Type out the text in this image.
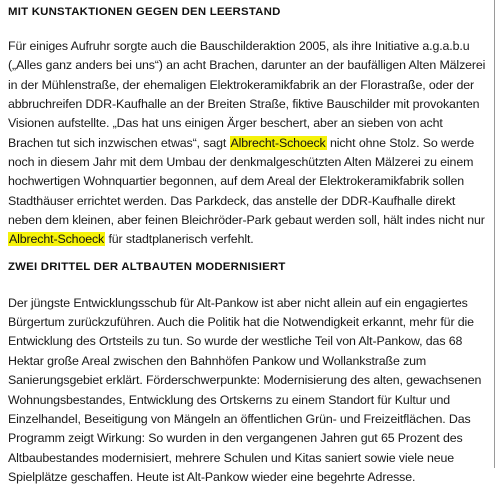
MIT KUNSTAKTIONEN GEGEN DEN LEERSTAND

Für einiges Aufruhr sorgte auch die Bauschilderaktion 2005, als ihre Initiative a.g.a.b.u („Alles ganz anders bei uns“) an acht Brachen, darunter an der baufälligen Alten Mälzerei in der Mühlenstraße, der ehemaligen Elektrokeramikfabrik an der Florastraße, oder der abbruchreifen DDR-Kaufhalle an der Breiten Straße, fiktive Bauschilder mit provokanten Visionen aufstellte. „Das hat uns einigen Ärger beschert, aber an sieben von acht Brachen tut sich inzwischen etwas“, sagt Albrecht-Schoeck nicht ohne Stolz. So werde noch in diesem Jahr mit dem Umbau der denkmalgeschützten Alten Mälzerei zu einem hochwertigen Wohnquartier begonnen, auf dem Areal der Elektrokeramikfabrik sollen Stadthäuser errichtet werden. Das Parkdeck, das anstelle der DDR-Kaufhalle direkt neben dem kleinen, aber feinen Bleichröder-Park gebaut werden soll, hält indes nicht nur Albrecht-Schoeck für stadtplanerisch verfehlt.

ZWEI DRITTEL DER ALTBAUTEN MODERNISIERT

Der jüngste Entwicklungsschub für Alt-Pankow ist aber nicht allein auf ein engagiertes Bürgertum zurückzuführen. Auch die Politik hat die Notwendigkeit erkannt, mehr für die Entwicklung des Ortsteils zu tun. So wurde der westliche Teil von Alt-Pankow, das 68 Hektar große Areal zwischen den Bahnhöfen Pankow und Wollankstraße zum Sanierungsgebiet erklärt. Förderschwerpunkte: Modernisierung des alten, gewachsenen Wohnungsbestandes, Entwicklung des Ortskerns zu einem Standort für Kultur und Einzelhandel, Beseitigung von Mängeln an öffentlichen Grün- und Freizeitflächen. Das Programm zeigt Wirkung: So wurden in den vergangenen Jahren gut 65 Prozent des Altbaubestandes modernisiert, mehrere Schulen und Kitas saniert sowie viele neue Spielplätze geschaffen. Heute ist Alt-Pankow wieder eine begehrte Adresse.
